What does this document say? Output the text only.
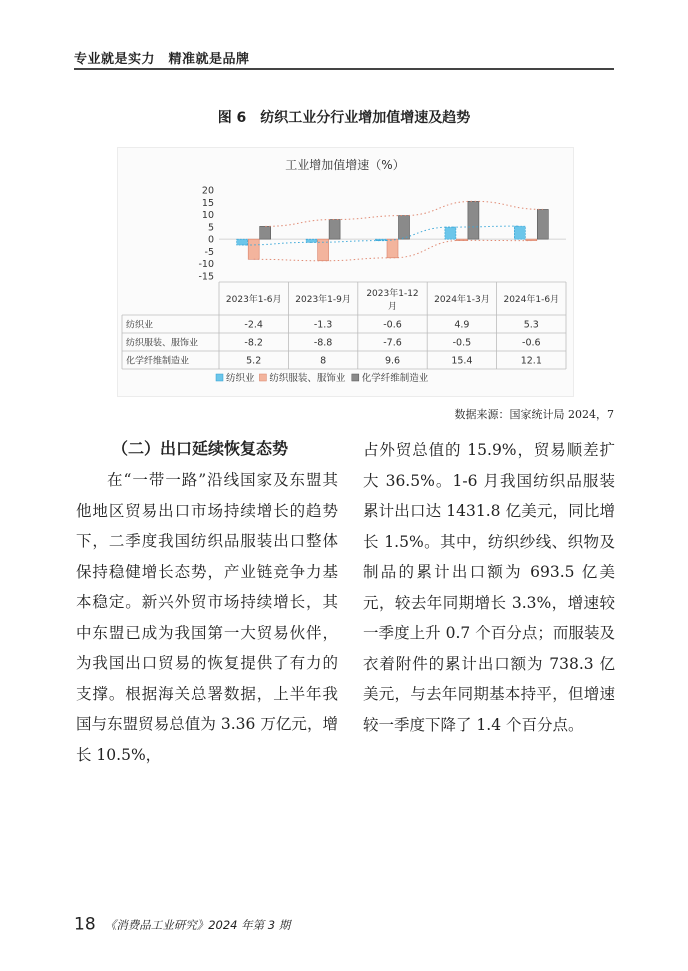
专业就是实力　精准就是品牌
图 6　纺织工业分行业增加值增速及趋势
工业增加值增速（%）
20
15
10
5
0
-5
-10
-15
2023年1-6月 2023年1-9月
2023年1-12
月
2024年1-3月 2024年1-6月
纺织业	-2.4	-1.3	-0.6	4.9	5.3
纺织服装、服饰业	-8.2	-8.8	-7.6	-0.5	-0.6
化学纤维制造业	5.2	8	9.6	15.4	12.1
纺织业 纺织服装、服饰业 化学纤维制造业
数据来源：国家统计局 2024，7
（二）出口延续恢复态势
在“一带一路”沿线国家及东盟其他地区贸易出口市场持续增长的趋势下，二季度我国纺织品服装出口整体保持稳健增长态势，产业链竞争力基本稳定。新兴外贸市场持续增长，其中东盟已成为我国第一大贸易伙伴，为我国出口贸易的恢复提供了有力的支撑。根据海关总署数据，上半年我国与东盟贸易总值为 3.36 万亿元，增长 10.5%，
占外贸总值的 15.9%，贸易顺差扩大 36.5%。1-6 月我国纺织品服装累计出口达 1431.8 亿美元，同比增长 1.5%。其中，纺织纱线、织物及制品的累计出口额为 693.5 亿美元，较去年同期增长 3.3%，增速较一季度上升 0.7 个百分点；而服装及衣着附件的累计出口额为 738.3 亿美元，与去年同期基本持平，但增速较一季度下降了 1.4 个百分点。
18 《消费品工业研究》2024 年第 3 期
